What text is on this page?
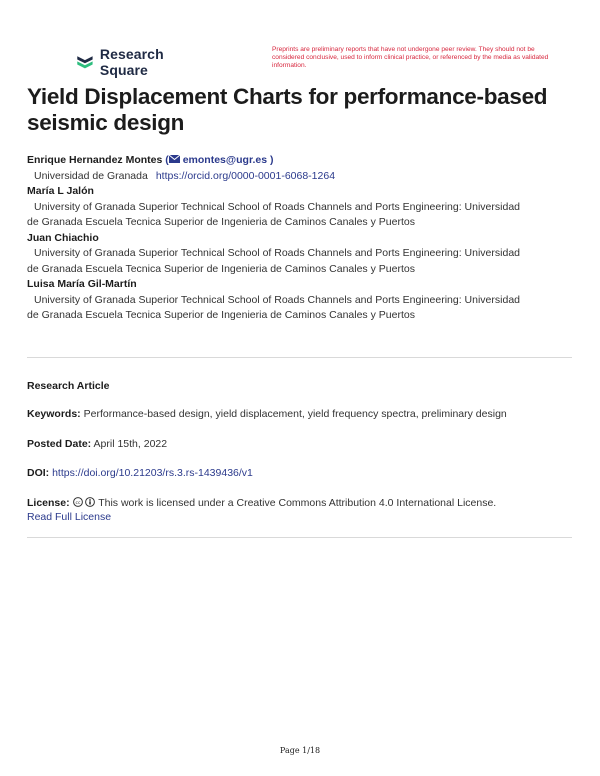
Research Square
Preprints are preliminary reports that have not undergone peer review. They should not be considered conclusive, used to inform clinical practice, or referenced by the media as validated information.
Yield Displacement Charts for performance-based seismic design
Enrique Hernandez Montes ( emontes@ugr.es )
Universidad de Granada https://orcid.org/0000-0001-6068-1264
María L Jalón
University of Granada Superior Technical School of Roads Channels and Ports Engineering: Universidad
de Granada Escuela Tecnica Superior de Ingenieria de Caminos Canales y Puertos
Juan Chiachio
University of Granada Superior Technical School of Roads Channels and Ports Engineering: Universidad
de Granada Escuela Tecnica Superior de Ingenieria de Caminos Canales y Puertos
Luisa María Gil-Martín
University of Granada Superior Technical School of Roads Channels and Ports Engineering: Universidad
de Granada Escuela Tecnica Superior de Ingenieria de Caminos Canales y Puertos
Research Article
Keywords: Performance-based design, yield displacement, yield frequency spectra, preliminary design
Posted Date: April 15th, 2022
DOI: https://doi.org/10.21203/rs.3.rs-1439436/v1
License: cc This work is licensed under a Creative Commons Attribution 4.0 International License.
Read Full License
Page 1/18
